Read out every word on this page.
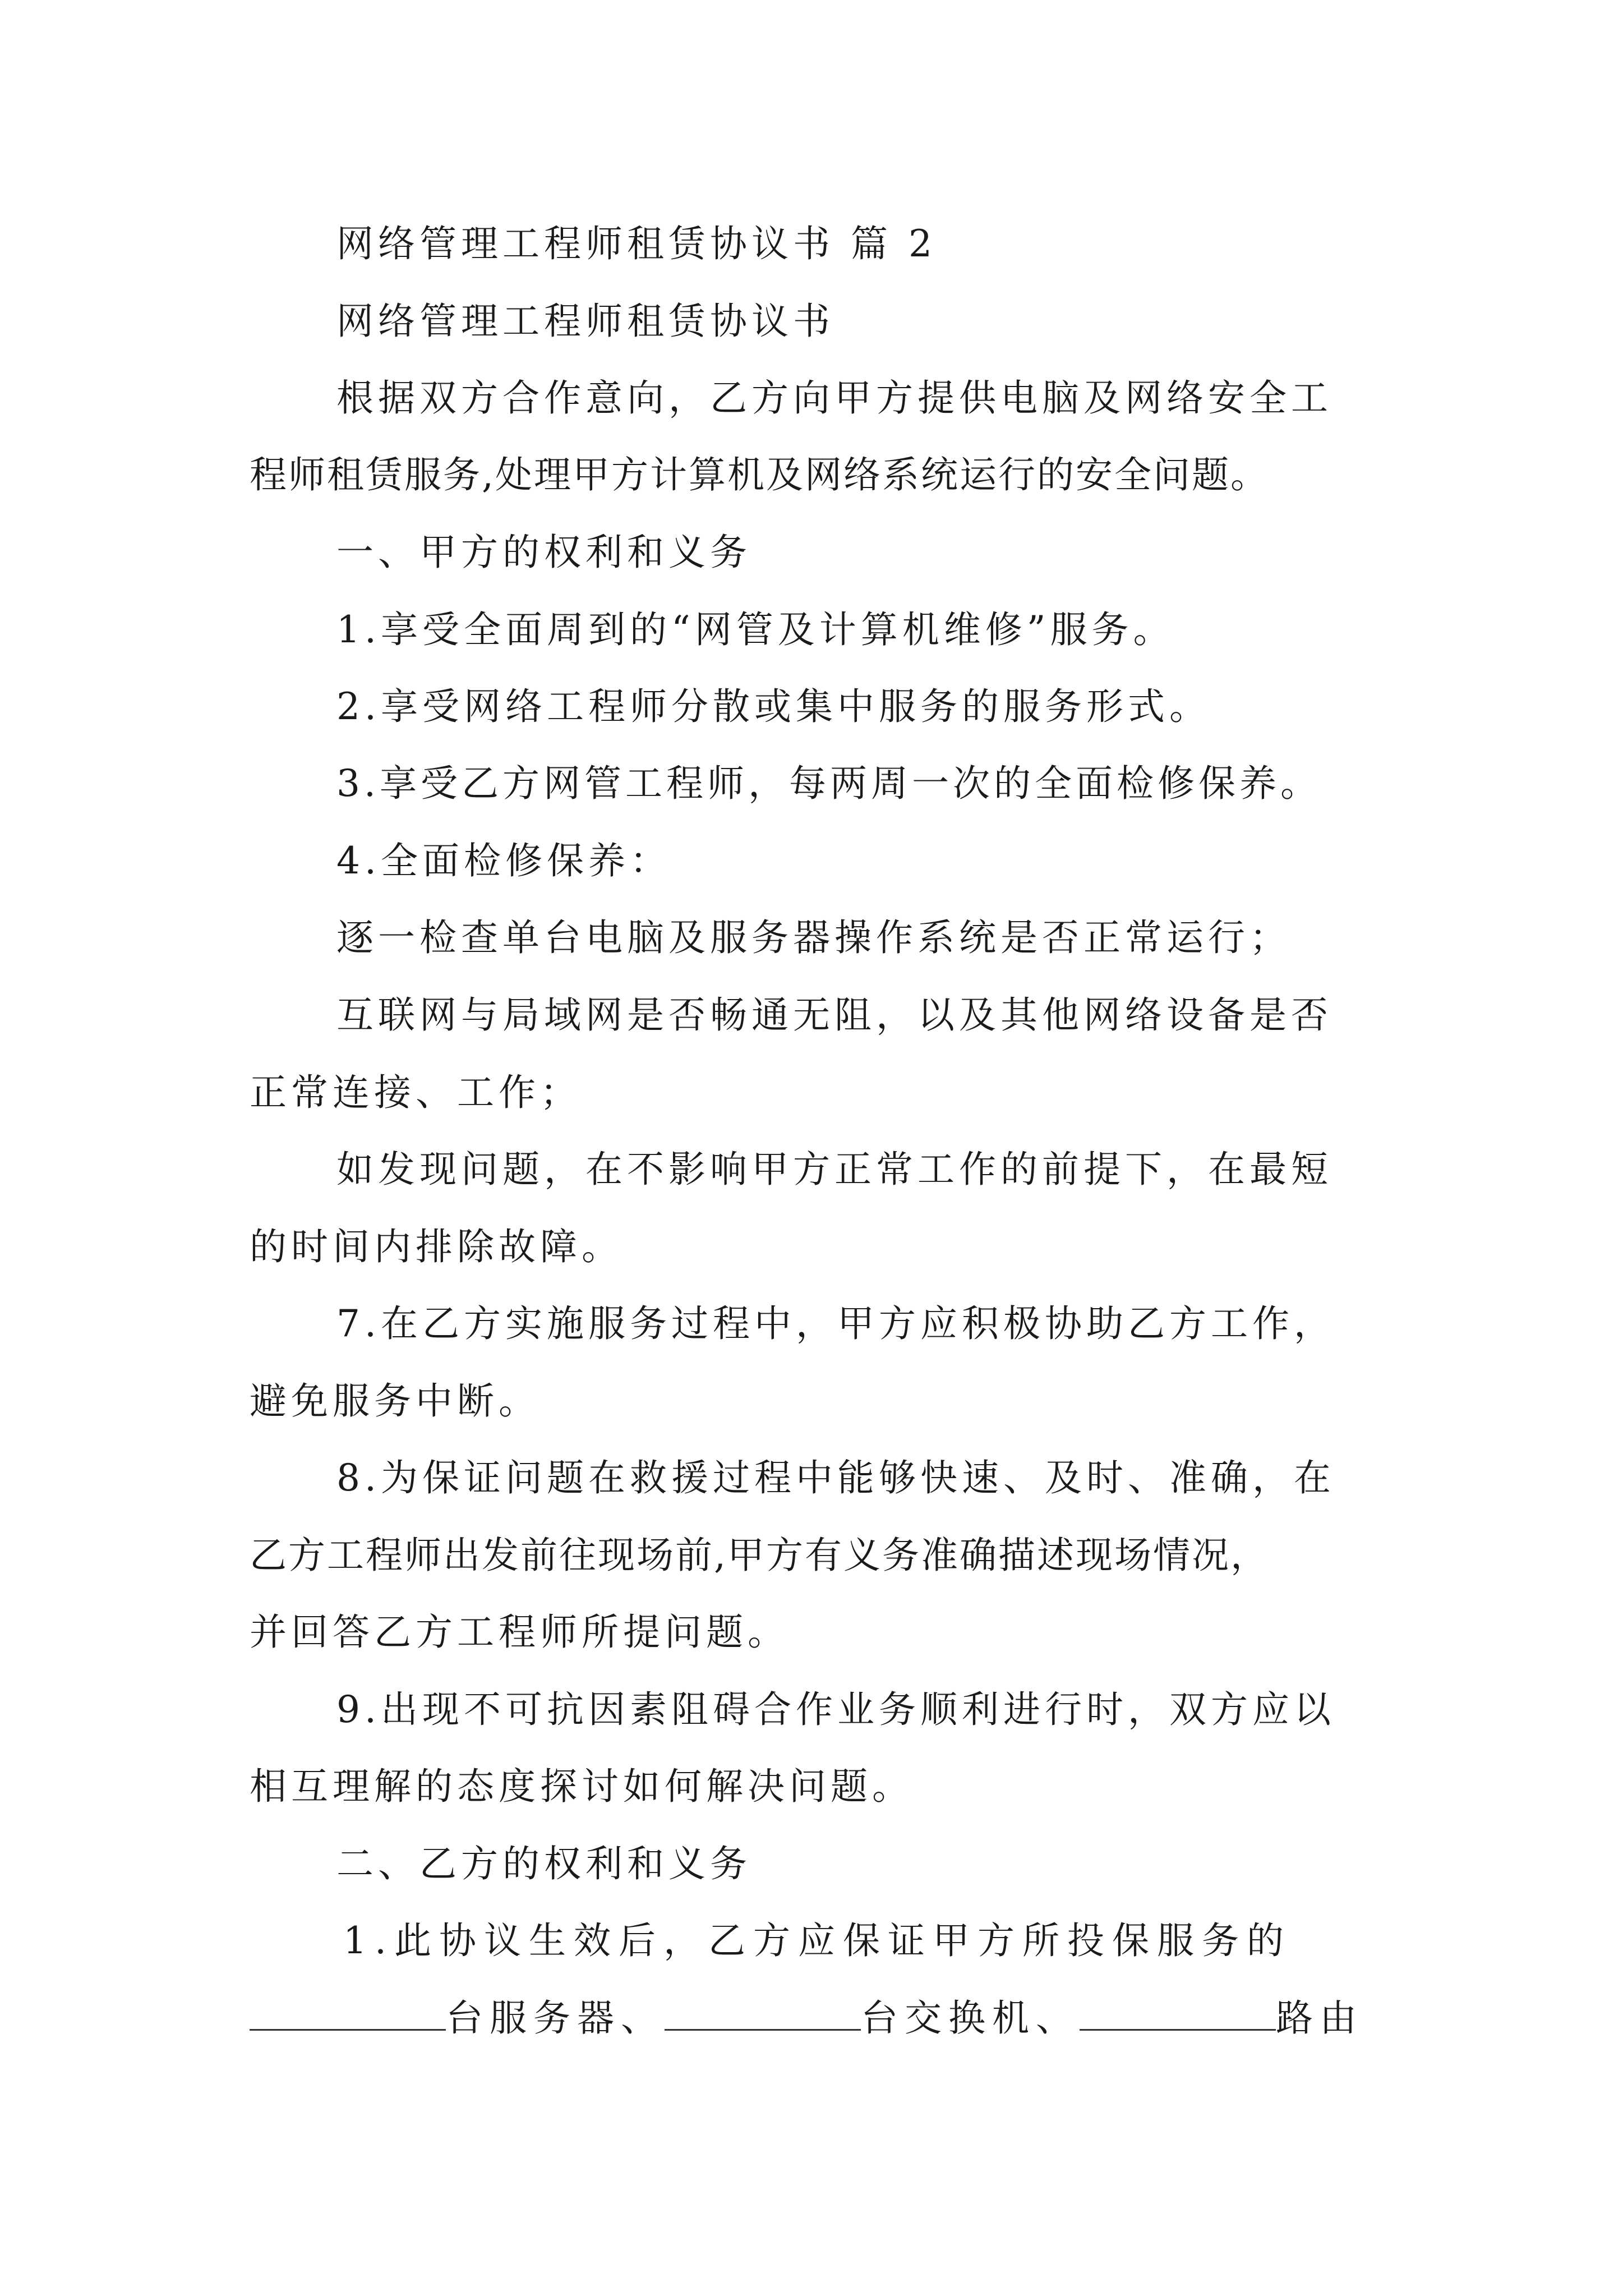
网络管理工程师租赁协议书 篇 2
网络管理工程师租赁协议书
根据双方合作意向，乙方向甲方提供电脑及网络安全工
程师租赁服务,处理甲方计算机及网络系统运行的安全问题。
一、甲方的权利和义务
1.享受全面周到的“网管及计算机维修”服务。
2.享受网络工程师分散或集中服务的服务形式。
3.享受乙方网管工程师，每两周一次的全面检修保养。
4.全面检修保养：
逐一检查单台电脑及服务器操作系统是否正常运行；
互联网与局域网是否畅通无阻，以及其他网络设备是否
正常连接、工作；
如发现问题，在不影响甲方正常工作的前提下，在最短
的时间内排除故障。
7.在乙方实施服务过程中，甲方应积极协助乙方工作，
避免服务中断。
8.为保证问题在救援过程中能够快速、及时、准确，在
乙方工程师出发前往现场前,甲方有义务准确描述现场情况，
并回答乙方工程师所提问题。
9.出现不可抗因素阻碍合作业务顺利进行时，双方应以
相互理解的态度探讨如何解决问题。
二、乙方的权利和义务
1.此协议生效后，乙方应保证甲方所投保服务的
台服务器、	台交换机、	路由
